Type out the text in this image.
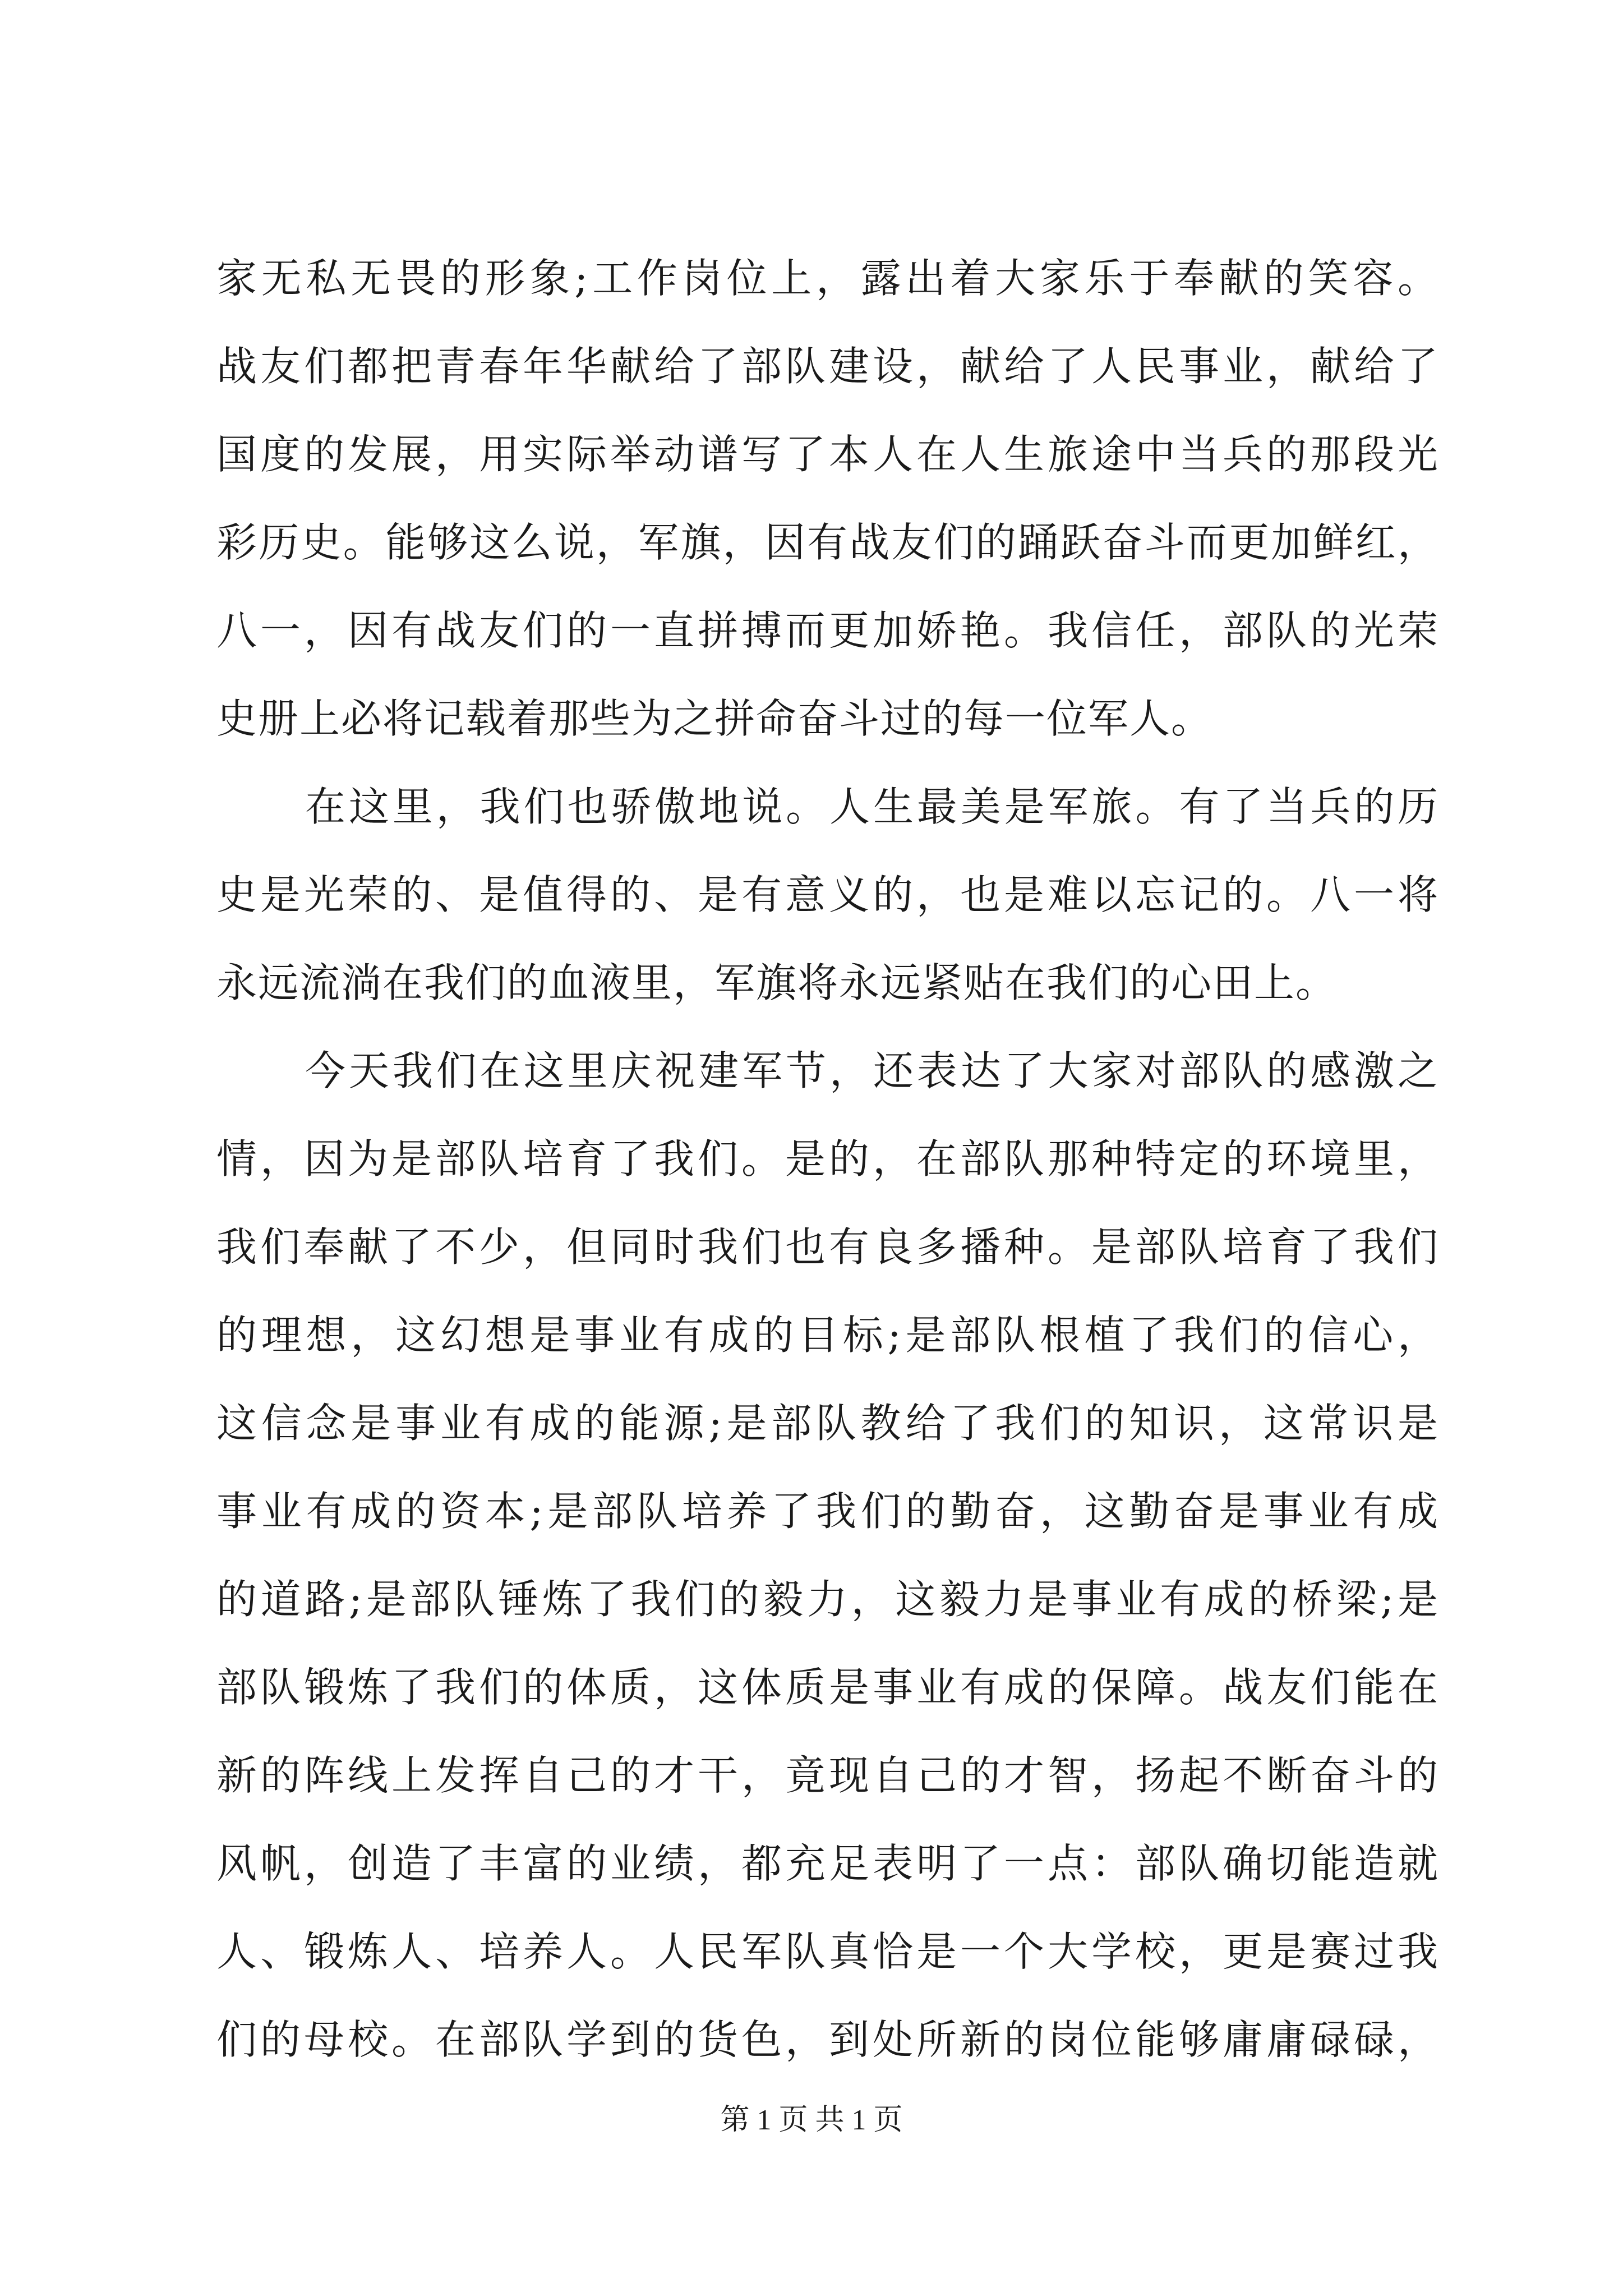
家无私无畏的形象;工作岗位上，露出着大家乐于奉献的笑容。
战友们都把青春年华献给了部队建设，献给了人民事业，献给了
国度的发展，用实际举动谱写了本人在人生旅途中当兵的那段光
彩历史。能够这么说，军旗，因有战友们的踊跃奋斗而更加鲜红，
八一，因有战友们的一直拼搏而更加娇艳。我信任，部队的光荣
史册上必将记载着那些为之拼命奋斗过的每一位军人。
在这里，我们也骄傲地说。人生最美是军旅。有了当兵的历
史是光荣的、是值得的、是有意义的，也是难以忘记的。八一将
永远流淌在我们的血液里，军旗将永远紧贴在我们的心田上。
今天我们在这里庆祝建军节，还表达了大家对部队的感激之
情，因为是部队培育了我们。是的，在部队那种特定的环境里，
我们奉献了不少，但同时我们也有良多播种。是部队培育了我们
的理想，这幻想是事业有成的目标;是部队根植了我们的信心，
这信念是事业有成的能源;是部队教给了我们的知识，这常识是
事业有成的资本;是部队培养了我们的勤奋，这勤奋是事业有成
的道路;是部队锤炼了我们的毅力，这毅力是事业有成的桥梁;是
部队锻炼了我们的体质，这体质是事业有成的保障。战友们能在
新的阵线上发挥自己的才干，竟现自己的才智，扬起不断奋斗的
风帆，创造了丰富的业绩，都充足表明了一点：部队确切能造就
人、锻炼人、培养人。人民军队真恰是一个大学校，更是赛过我
们的母校。在部队学到的货色，到处所新的岗位能够庸庸碌碌，
第 1 页 共 1 页
